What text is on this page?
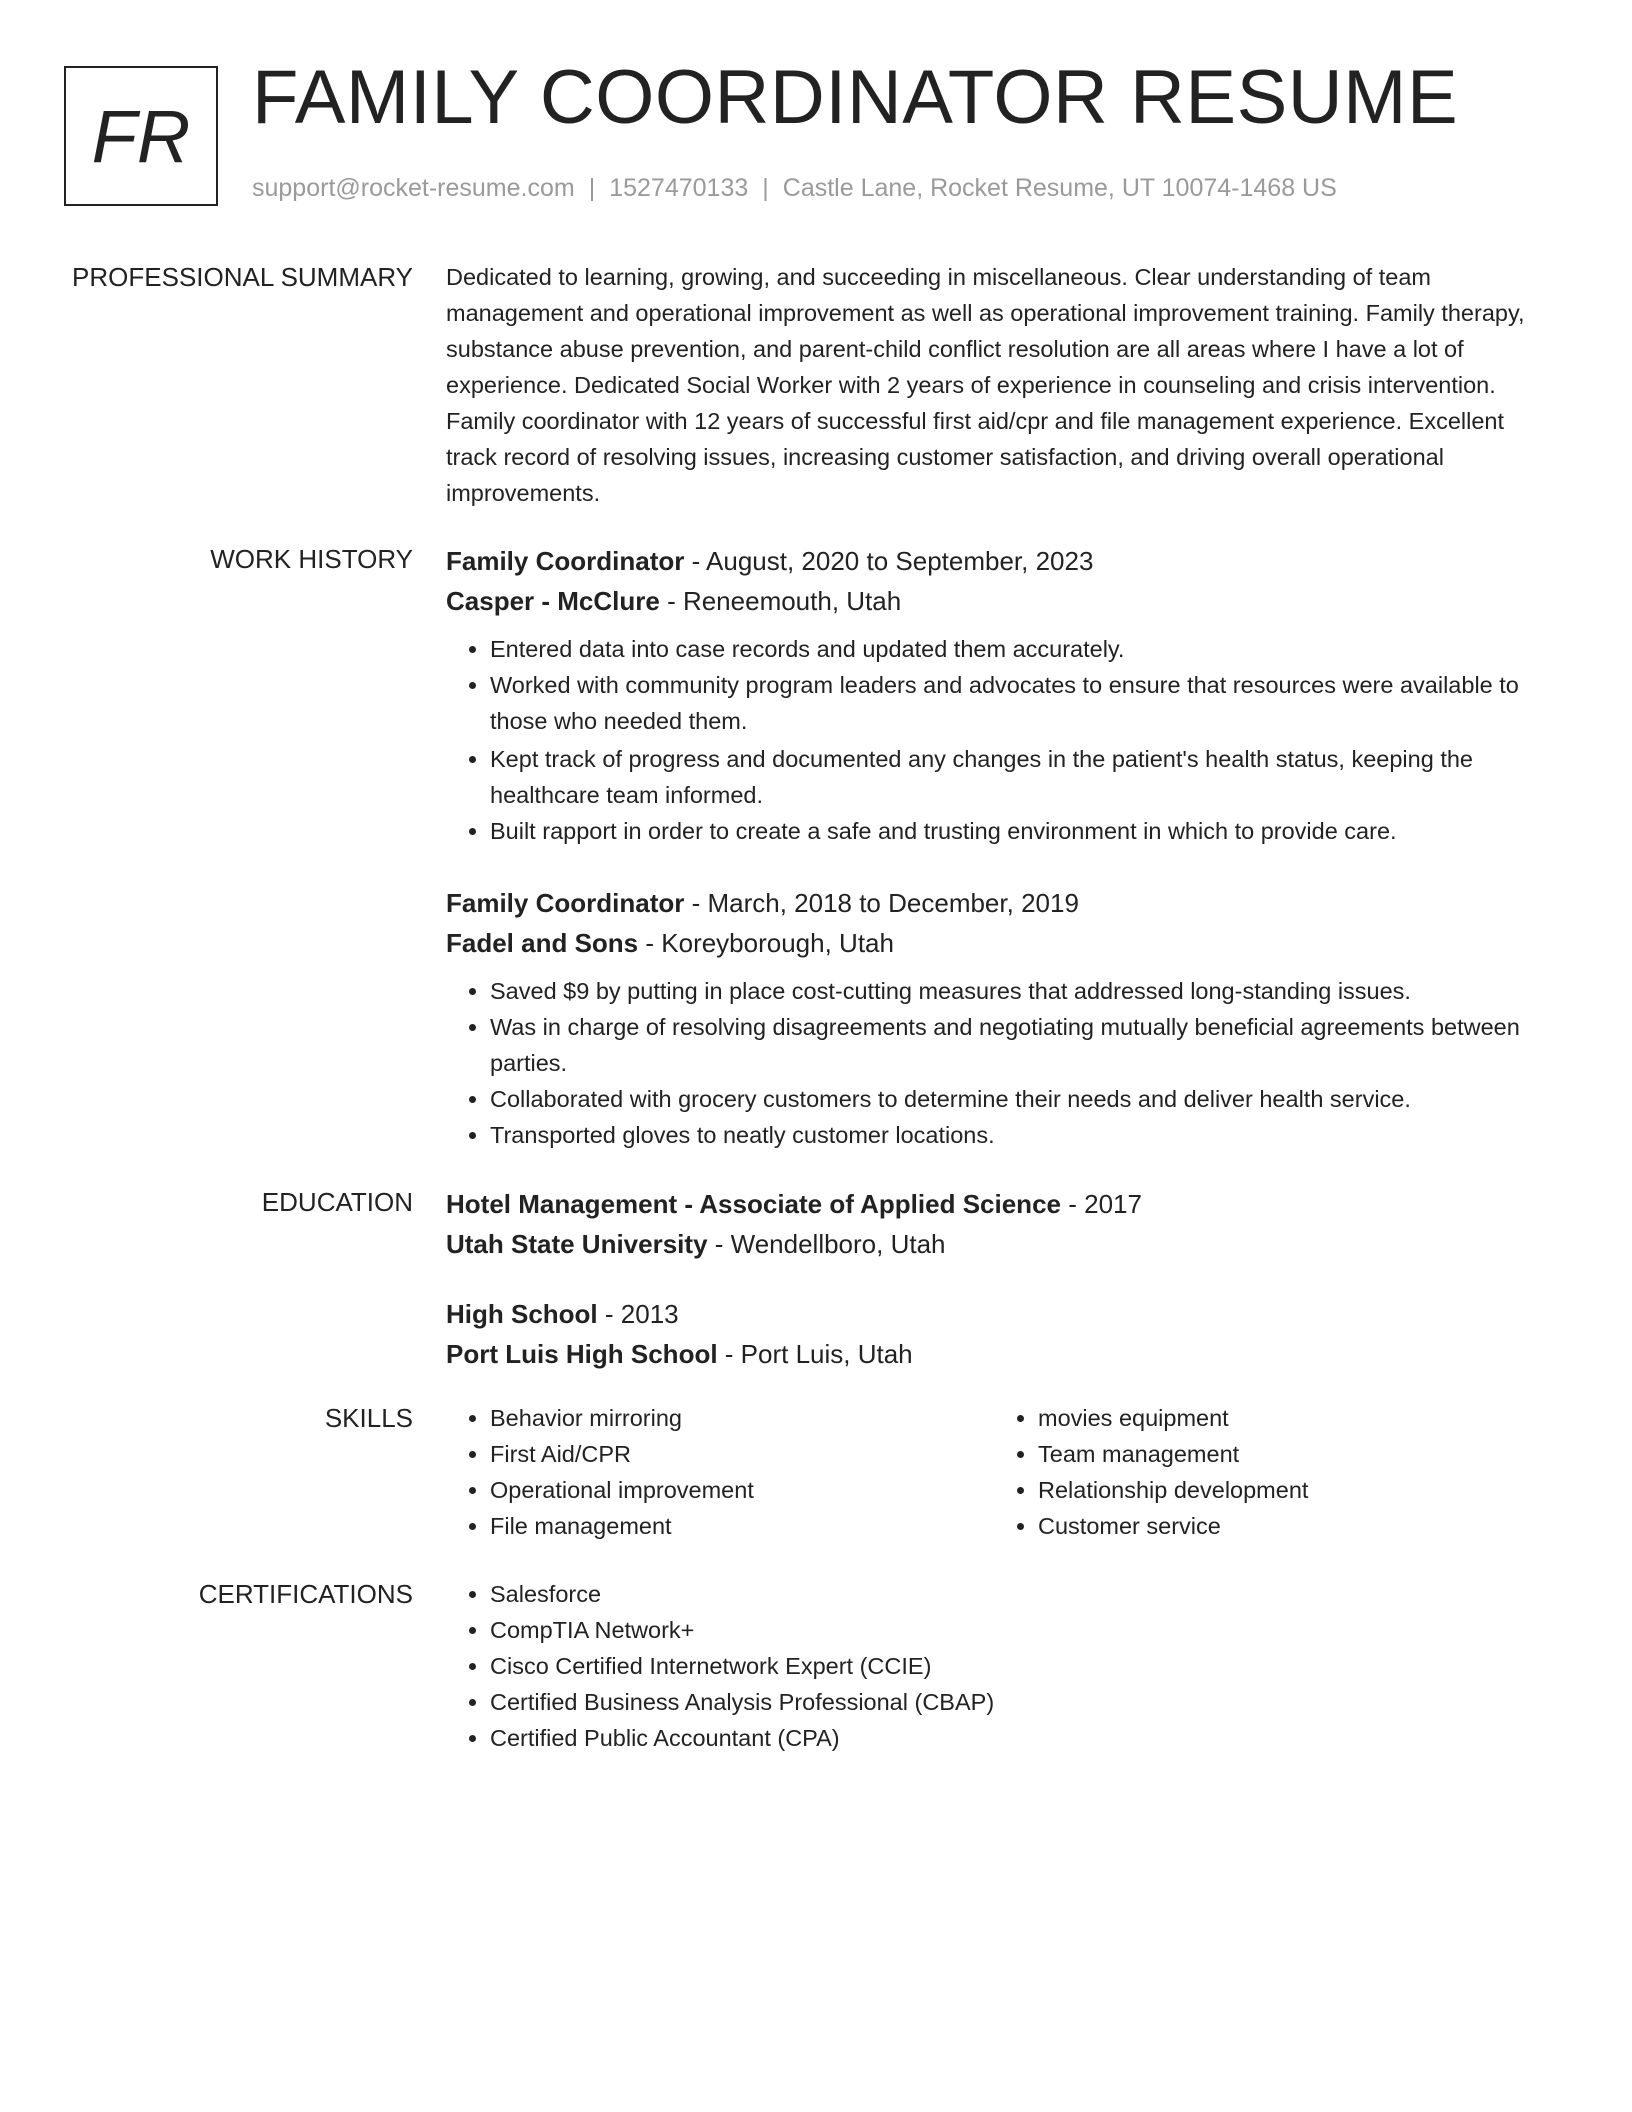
FR FAMILY COORDINATOR RESUME
support@rocket-resume.com | 1527470133 | Castle Lane, Rocket Resume, UT 10074-1468 US
PROFESSIONAL SUMMARY Dedicated to learning, growing, and succeeding in miscellaneous. Clear understanding of team management and operational improvement as well as operational improvement training. Family therapy, substance abuse prevention, and parent-child conflict resolution are all areas where I have a lot of experience. Dedicated Social Worker with 2 years of experience in counseling and crisis intervention. Family coordinator with 12 years of successful first aid/cpr and file management experience. Excellent track record of resolving issues, increasing customer satisfaction, and driving overall operational improvements.

WORK HISTORY Family Coordinator - August, 2020 to September, 2023
Casper - McClure - Reneemouth, Utah
• Entered data into case records and updated them accurately.
• Worked with community program leaders and advocates to ensure that resources were available to those who needed them.
• Kept track of progress and documented any changes in the patient's health status, keeping the healthcare team informed.
• Built rapport in order to create a safe and trusting environment in which to provide care.
Family Coordinator - March, 2018 to December, 2019
Fadel and Sons - Koreyborough, Utah
• Saved $9 by putting in place cost-cutting measures that addressed long-standing issues.
• Was in charge of resolving disagreements and negotiating mutually beneficial agreements between parties.
• Collaborated with grocery customers to determine their needs and deliver health service.
• Transported gloves to neatly customer locations.
EDUCATION Hotel Management - Associate of Applied Science - 2017
Utah State University - Wendellboro, Utah
High School - 2013
Port Luis High School - Port Luis, Utah
SKILLS	• Behavior mirroring
• First Aid/CPR
• Operational improvement
• File management
• movies equipment
• Team management
• Relationship development
• Customer service
CERTIFICATIONS	• Salesforce
• CompTIA Network+
• Cisco Certified Internetwork Expert (CCIE)
• Certified Business Analysis Professional (CBAP)
• Certified Public Accountant (CPA)
